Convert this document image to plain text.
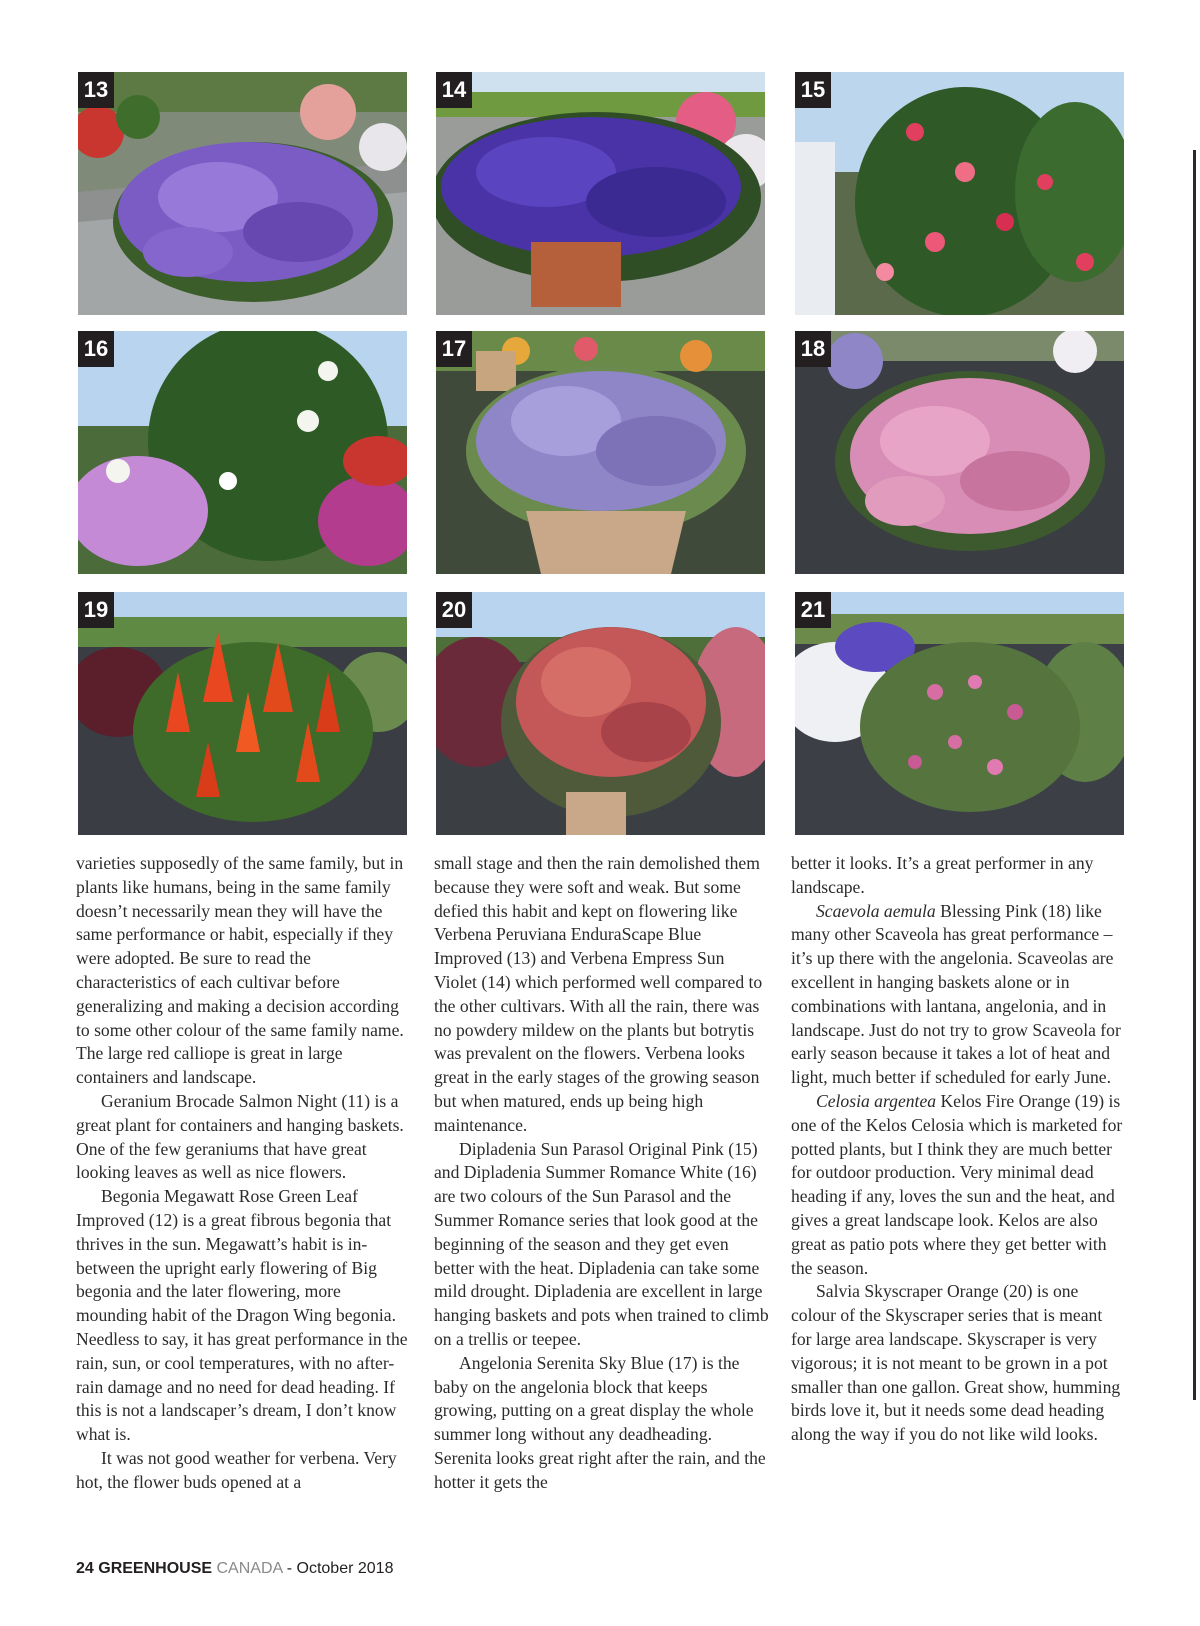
13	14	15
16	17	18
19	20	21

varieties supposedly of the same family, but in plants like humans, being in the same family doesn’t necessarily mean they will have the same performance or habit, especially if they were adopted. Be sure to read the characteristics of each cultivar before generalizing and making a decision according to some other colour of the same family name. The large red calliope is great in large containers and landscape.

Geranium Brocade Salmon Night (11) is a great plant for containers and hanging baskets. One of the few geraniums that have great looking leaves as well as nice flowers.

Begonia Megawatt Rose Green Leaf Improved (12) is a great fibrous begonia that thrives in the sun. Megawatt’s habit is in-between the upright early flowering of Big begonia and the later flowering, more mounding habit of the Dragon Wing begonia. Needless to say, it has great performance in the rain, sun, or cool temperatures, with no after-rain damage and no need for dead heading. If this is not a landscaper’s dream, I don’t know what is.

It was not good weather for verbena. Very hot, the flower buds opened at a

small stage and then the rain demolished them because they were soft and weak. But some defied this habit and kept on flowering like Verbena Peruviana EnduraScape Blue Improved (13) and Verbena Empress Sun Violet (14) which performed well compared to the other cultivars. With all the rain, there was no powdery mildew on the plants but botrytis was prevalent on the flowers. Verbena looks great in the early stages of the growing season but when matured, ends up being high maintenance.

Dipladenia Sun Parasol Original Pink (15) and Dipladenia Summer Romance White (16) are two colours of the Sun Parasol and the Summer Romance series that look good at the beginning of the season and they get even better with the heat. Dipladenia can take some mild drought. Dipladenia are excellent in large hanging baskets and pots when trained to climb on a trellis or teepee.

Angelonia Serenita Sky Blue (17) is the baby on the angelonia block that keeps growing, putting on a great display the whole summer long without any deadheading. Serenita looks great right after the rain, and the hotter it gets the

better it looks. It’s a great performer in any landscape.

Scaevola aemula Blessing Pink (18) like many other Scaveola has great performance – it’s up there with the angelonia. Scaveolas are excellent in hanging baskets alone or in combinations with lantana, angelonia, and in landscape. Just do not try to grow Scaveola for early season because it takes a lot of heat and light, much better if scheduled for early June.

Celosia argentea Kelos Fire Orange (19) is one of the Kelos Celosia which is marketed for potted plants, but I think they are much better for outdoor production. Very minimal dead heading if any, loves the sun and the heat, and gives a great landscape look. Kelos are also great as patio pots where they get better with the season.

Salvia Skyscraper Orange (20) is one colour of the Skyscraper series that is meant for large area landscape. Skyscraper is very vigorous; it is not meant to be grown in a pot smaller than one gallon. Great show, humming birds love it, but it needs some dead heading along the way if you do not like wild looks.

24 GREENHOUSE CANADA - October 2018
